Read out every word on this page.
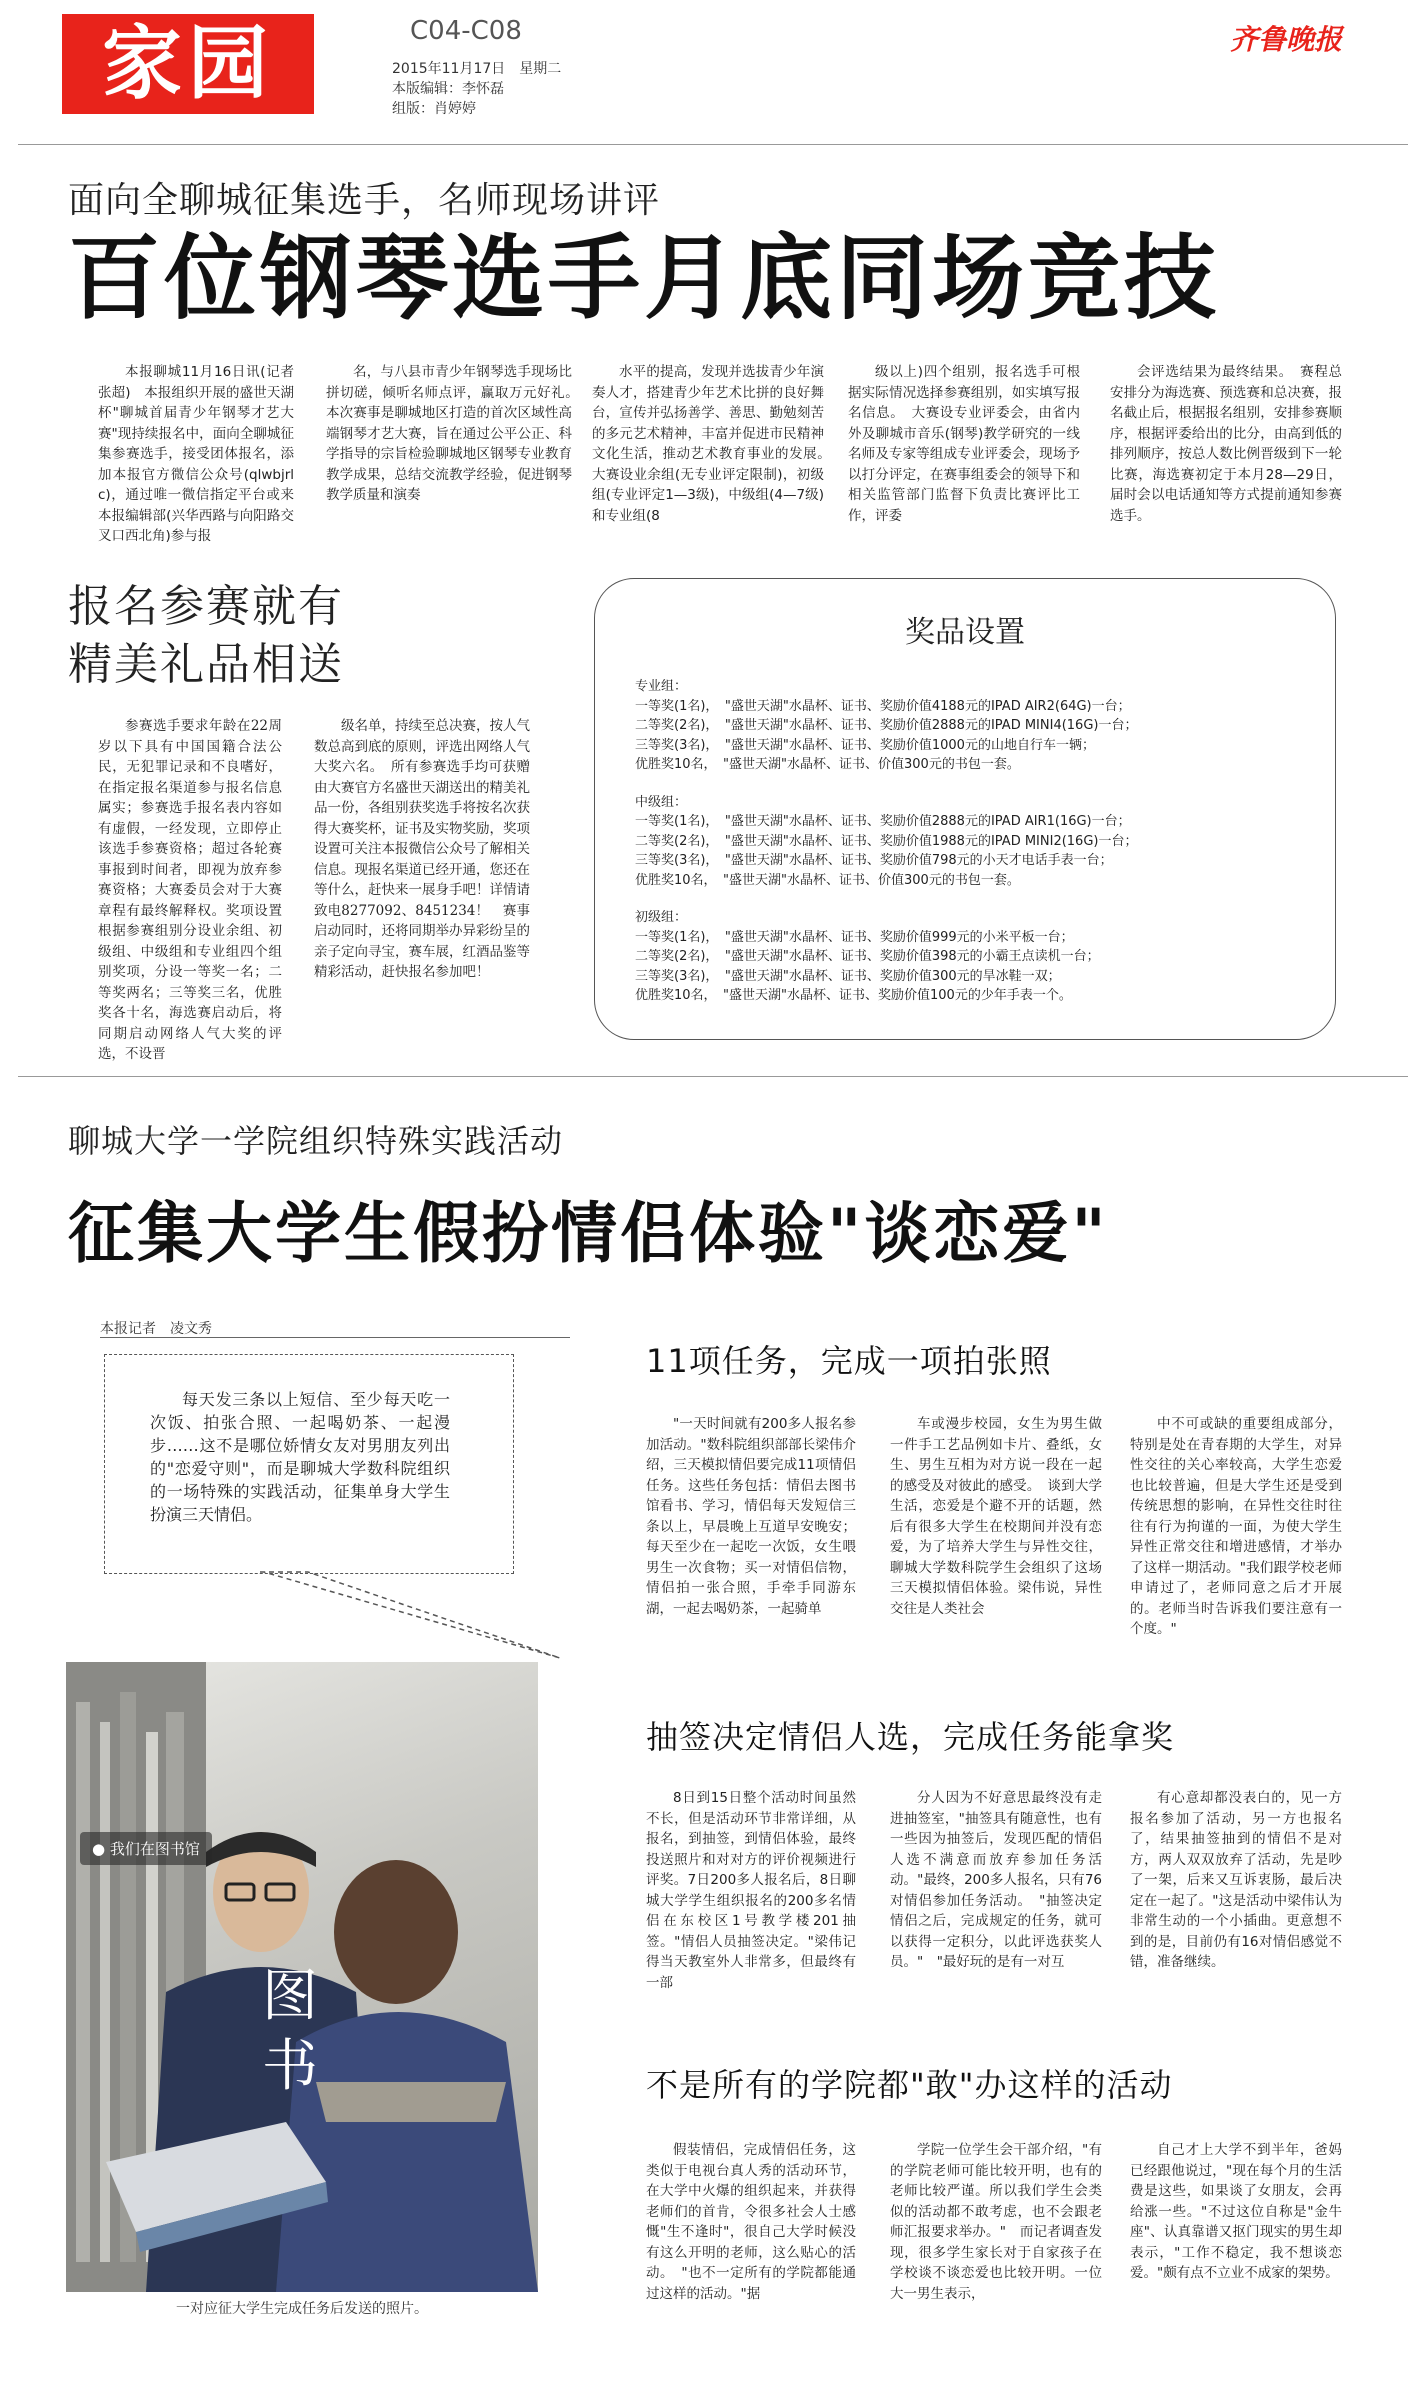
家园	C04-C08
2015年11月17日　星期二
本版编辑：李怀磊
组版：肖婷婷
齐鲁晚报
面向全聊城征集选手，名师现场讲评
百位钢琴选手月底同场竞技
本报聊城11月16日讯(记者　张超)　本报组织开展的盛世天湖杯"聊城首届青少年钢琴才艺大赛"现持续报名中，面向全聊城征集参赛选手，接受团体报名，添加本报官方微信公众号(qlwbjrlc)，通过唯一微信指定平台或来本报编辑部(兴华西路与向阳路交叉口西北角)参与报
名，与八县市青少年钢琴选手现场比拼切磋，倾听名师点评，赢取万元好礼。　本次赛事是聊城地区打造的首次区域性高端钢琴才艺大赛，旨在通过公平公正、科学指导的宗旨检验聊城地区钢琴专业教育教学成果，总结交流教学经验，促进钢琴教学质量和演奏
水平的提高，发现并选拔青少年演奏人才，搭建青少年艺术比拼的良好舞台，宣传并弘扬善学、善思、勤勉刻苦的多元艺术精神，丰富并促进市民精神文化生活，推动艺术教育事业的发展。　大赛设业余组(无专业评定限制)，初级组(专业评定1—3级)，中级组(4—7级)和专业组(8
级以上)四个组别，报名选手可根据实际情况选择参赛组别，如实填写报名信息。　大赛设专业评委会，由省内外及聊城市音乐(钢琴)教学研究的一线名师及专家等组成专业评委会，现场予以打分评定，在赛事组委会的领导下和相关监管部门监督下负责比赛评比工作，评委
会评选结果为最终结果。　赛程总安排分为海选赛、预选赛和总决赛，报名截止后，根据报名组别，安排参赛顺序，根据评委给出的比分，由高到低的排列顺序，按总人数比例晋级到下一轮比赛，海选赛初定于本月28—29日，届时会以电话通知等方式提前通知参赛选手。
报名参赛就有
精美礼品相送
参赛选手要求年龄在22周岁以下具有中国国籍合法公民，无犯罪记录和不良嗜好，在指定报名渠道参与报名信息属实；参赛选手报名表内容如有虚假，一经发现，立即停止该选手参赛资格；超过各轮赛事报到时间者，即视为放弃参赛资格；大赛委员会对于大赛章程有最终解释权。奖项设置根据参赛组别分设业余组、初级组、中级组和专业组四个组别奖项，分设一等奖一名；二等奖两名；三等奖三名，优胜奖各十名，海选赛启动后，将同期启动网络人气大奖的评选，不设晋
级名单，持续至总决赛，按人气数总高到底的原则，评选出网络人气大奖六名。　所有参赛选手均可获赠由大赛官方名盛世天湖送出的精美礼品一份，各组别获奖选手将按名次获得大赛奖杯，证书及实物奖励，奖项设置可关注本报微信公众号了解相关信息。现报名渠道已经开通，您还在等什么，赶快来一展身手吧！详情请致电8277092、8451234！　赛事启动同时，还将同期举办异彩纷呈的亲子定向寻宝，赛车展，红酒品鉴等精彩活动，赶快报名参加吧！
奖品设置
专业组：
一等奖(1名)，　"盛世天湖"水晶杯、证书、奖励价值4188元的IPAD AIR2(64G)一台；
二等奖(2名)，　"盛世天湖"水晶杯、证书、奖励价值2888元的IPAD MINI4(16G)一台；
三等奖(3名)，　"盛世天湖"水晶杯、证书、奖励价值1000元的山地自行车一辆；
优胜奖10名，　"盛世天湖"水晶杯、证书、价值300元的书包一套。
中级组：
一等奖(1名)，　"盛世天湖"水晶杯、证书、奖励价值2888元的IPAD AIR1(16G)一台；
二等奖(2名)，　"盛世天湖"水晶杯、证书、奖励价值1988元的IPAD MINI2(16G)一台；
三等奖(3名)，　"盛世天湖"水晶杯、证书、奖励价值798元的小天才电话手表一台；
优胜奖10名，　"盛世天湖"水晶杯、证书、价值300元的书包一套。
初级组：
一等奖(1名)，　"盛世天湖"水晶杯、证书、奖励价值999元的小米平板一台；
二等奖(2名)，　"盛世天湖"水晶杯、证书、奖励价值398元的小霸王点读机一台；
三等奖(3名)，　"盛世天湖"水晶杯、证书、奖励价值300元的旱冰鞋一双；
优胜奖10名，　"盛世天湖"水晶杯、证书、奖励价值100元的少年手表一个。
聊城大学一学院组织特殊实践活动
征集大学生假扮情侣体验"谈恋爱"
本报记者　凌文秀
每天发三条以上短信、至少每天吃一次饭、拍张合照、一起喝奶茶、一起漫步……这不是哪位娇情女友对男朋友列出的"恋爱守则"，而是聊城大学数科院组织的一场特殊的实践活动，征集单身大学生扮演三天情侣。
● 我们在图书馆
图书
一对应征大学生完成任务后发送的照片。
11项任务，完成一项拍张照
"一天时间就有200多人报名参加活动。"数科院组织部部长梁伟介绍，三天模拟情侣要完成11项情侣任务。这些任务包括：情侣去图书馆看书、学习，情侣每天发短信三条以上，早晨晚上互道早安晚安；每天至少在一起吃一次饭，女生喂男生一次食物；买一对情侣信物，情侣拍一张合照，手牵手同游东湖，一起去喝奶茶，一起骑单
车或漫步校园，女生为男生做一件手工艺品例如卡片、叠纸，女生、男生互相为对方说一段在一起的感受及对彼此的感受。　谈到大学生活，恋爱是个避不开的话题，然后有很多大学生在校期间并没有恋爱，为了培养大学生与异性交往，聊城大学数科院学生会组织了这场三天模拟情侣体验。梁伟说，异性交往是人类社会
中不可或缺的重要组成部分，特别是处在青春期的大学生，对异性交往的关心率较高，大学生恋爱也比较普遍，但是大学生还是受到传统思想的影响，在异性交往时往往有行为拘谨的一面，为使大学生异性正常交往和增进感情，才举办了这样一期活动。"我们跟学校老师申请过了，老师同意之后才开展的。老师当时告诉我们要注意有一个度。"
抽签决定情侣人选，完成任务能拿奖
8日到15日整个活动时间虽然不长，但是活动环节非常详细，从报名，到抽签，到情侣体验，最终投送照片和对对方的评价视频进行评奖。7日200多人报名后，8日聊城大学学生组织报名的200多名情侣在东校区1号教学楼201抽签。"情侣人员抽签决定。"梁伟记得当天教室外人非常多，但最终有一部
分人因为不好意思最终没有走进抽签室，"抽签具有随意性，也有一些因为抽签后，发现匹配的情侣人选不满意而放弃参加任务活动。"最终，200多人报名，只有76对情侣参加任务活动。　"抽签决定情侣之后，完成规定的任务，就可以获得一定积分，以此评选获奖人员。"　"最好玩的是有一对互
有心意却都没表白的，见一方报名参加了活动，另一方也报名了，结果抽签抽到的情侣不是对方，两人双双放弃了活动，先是吵了一架，后来又互诉衷肠，最后决定在一起了。"这是活动中梁伟认为非常生动的一个小插曲。更意想不到的是，目前仍有16对情侣感觉不错，准备继续。
不是所有的学院都"敢"办这样的活动
假装情侣，完成情侣任务，这类似于电视台真人秀的活动环节，在大学中火爆的组织起来，并获得老师们的首肯，令很多社会人士感慨"生不逢时"，很自己大学时候没有这么开明的老师，这么贴心的活动。　"也不一定所有的学院都能通过这样的活动。"据
学院一位学生会干部介绍，"有的学院老师可能比较开明，也有的老师比较严谨。所以我们学生会类似的活动都不敢考虑，也不会跟老师汇报要求举办。"　而记者调查发现，很多学生家长对于自家孩子在学校谈不谈恋爱也比较开明。一位大一男生表示，
自己才上大学不到半年，爸妈已经跟他说过，"现在每个月的生活费是这些，如果谈了女朋友，会再给涨一些。"不过这位自称是"金牛座"、认真靠谱又抠门现实的男生却表示，"工作不稳定，我不想谈恋爱。"颇有点不立业不成家的架势。
